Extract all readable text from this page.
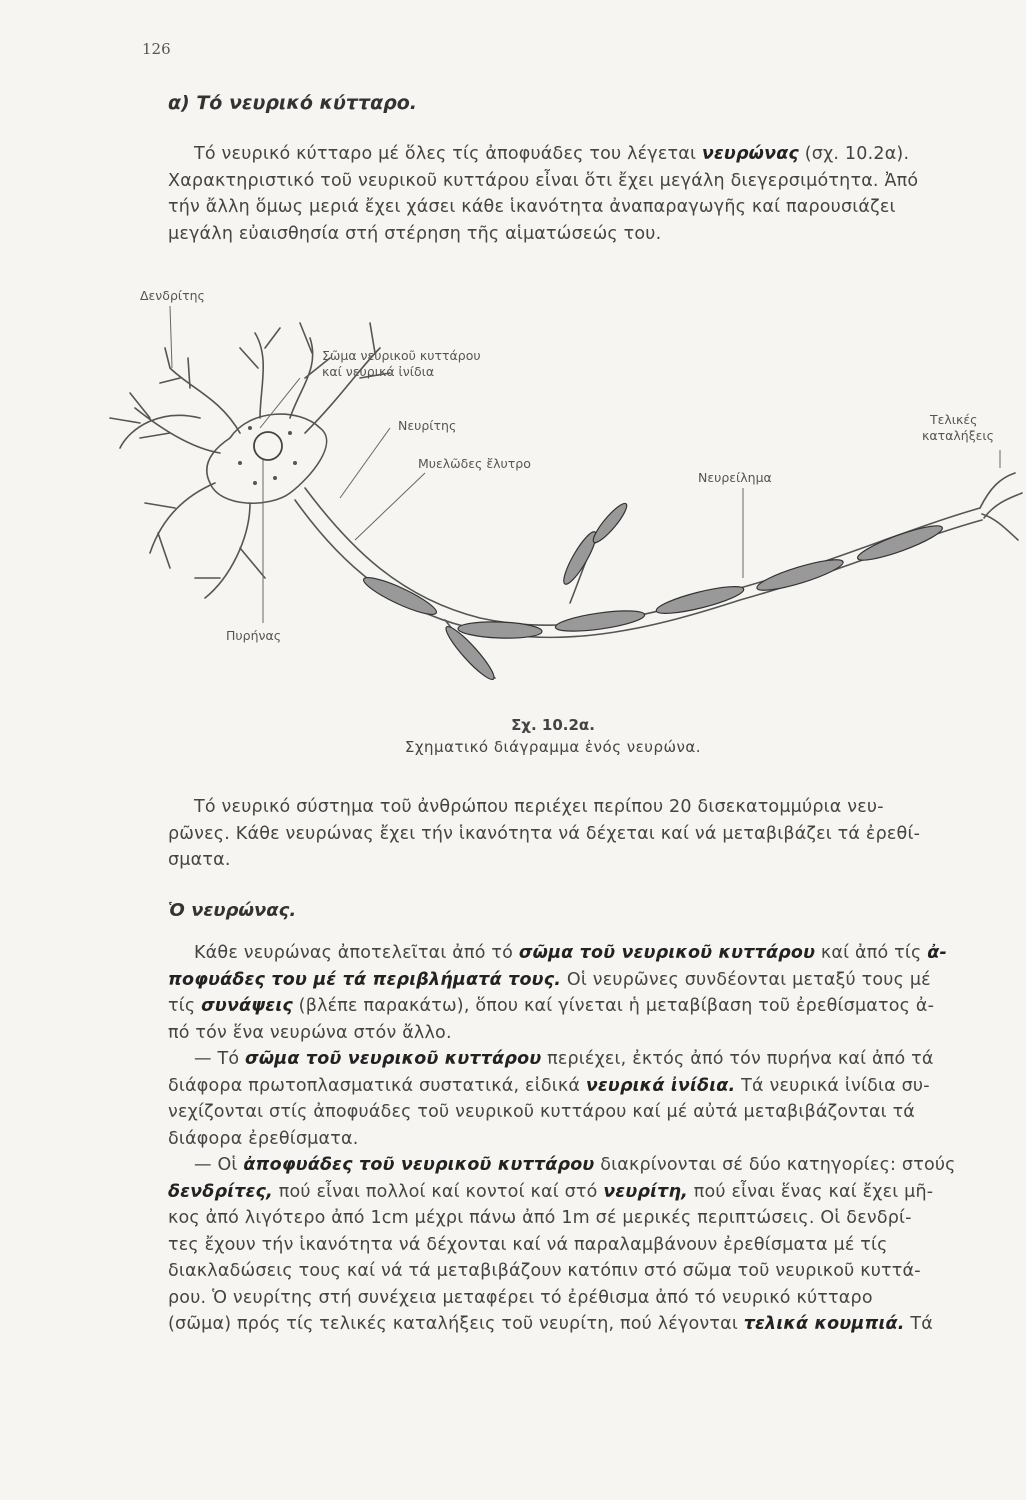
126
α) Τό νευρικό κύτταρο.
Τό νευρικό κύτταρο μέ ὅλες τίς ἀποφυάδες του λέγεται νευρώνας (σχ. 10.2α).
Χαρακτηριστικό τοῦ νευρικοῦ κυττάρου εἶναι ὅτι ἔχει μεγάλη διεγερσιμότητα. Ἀπό
τήν ἄλλη ὅμως μεριά ἔχει χάσει κάθε ἱκανότητα ἀναπαραγωγῆς καί παρουσιάζει
μεγάλη εὐαισθησία στή στέρηση τῆς αἱματώσεώς του.
Δενδρίτης
Σῶμα νευρικοῦ κυττάρου
καί νευρικά ἰνίδια
Νευρίτης
Μυελῶδες ἔλυτρο
Νευρείλημα
Τελικές
καταλήξεις
Πυρήνας
Σχ. 10.2α.
Σχηματικό διάγραμμα ἑνός νευρώνα.
Τό νευρικό σύστημα τοῦ ἀνθρώπου περιέχει περίπου 20 δισεκατομμύρια νευ-
ρῶνες. Κάθε νευρώνας ἔχει τήν ἱκανότητα νά δέχεται καί νά μεταβιβάζει τά ἐρεθί-
σματα.
Ὁ νευρώνας.
Κάθε νευρώνας ἀποτελεῖται ἀπό τό σῶμα τοῦ νευρικοῦ κυττάρου καί ἀπό τίς ἀ-
ποφυάδες του μέ τά περιβλήματά τους. Οἱ νευρῶνες συνδέονται μεταξύ τους μέ
τίς συνάψεις (βλέπε παρακάτω), ὅπου καί γίνεται ἡ μεταβίβαση τοῦ ἐρεθίσματος ἀ-
πό τόν ἕνα νευρώνα στόν ἄλλο.
— Τό σῶμα τοῦ νευρικοῦ κυττάρου περιέχει, ἐκτός ἀπό τόν πυρήνα καί ἀπό τά
διάφορα πρωτοπλασματικά συστατικά, εἰδικά νευρικά ἰνίδια. Τά νευρικά ἰνίδια συ-
νεχίζονται στίς ἀποφυάδες τοῦ νευρικοῦ κυττάρου καί μέ αὐτά μεταβιβάζονται τά
διάφορα ἐρεθίσματα.
— Οἱ ἀποφυάδες τοῦ νευρικοῦ κυττάρου διακρίνονται σέ δύο κατηγορίες: στούς
δενδρίτες, πού εἶναι πολλοί καί κοντοί καί στό νευρίτη, πού εἶναι ἕνας καί ἔχει μῆ-
κος ἀπό λιγότερο ἀπό 1cm μέχρι πάνω ἀπό 1m σέ μερικές περιπτώσεις. Οἱ δενδρί-
τες ἔχουν τήν ἱκανότητα νά δέχονται καί νά παραλαμβάνουν ἐρεθίσματα μέ τίς
διακλαδώσεις τους καί νά τά μεταβιβάζουν κατόπιν στό σῶμα τοῦ νευρικοῦ κυττά-
ρου. Ὁ νευρίτης στή συνέχεια μεταφέρει τό ἐρέθισμα ἀπό τό νευρικό κύτταρο
(σῶμα) πρός τίς τελικές καταλήξεις τοῦ νευρίτη, πού λέγονται τελικά κουμπιά. Τά
